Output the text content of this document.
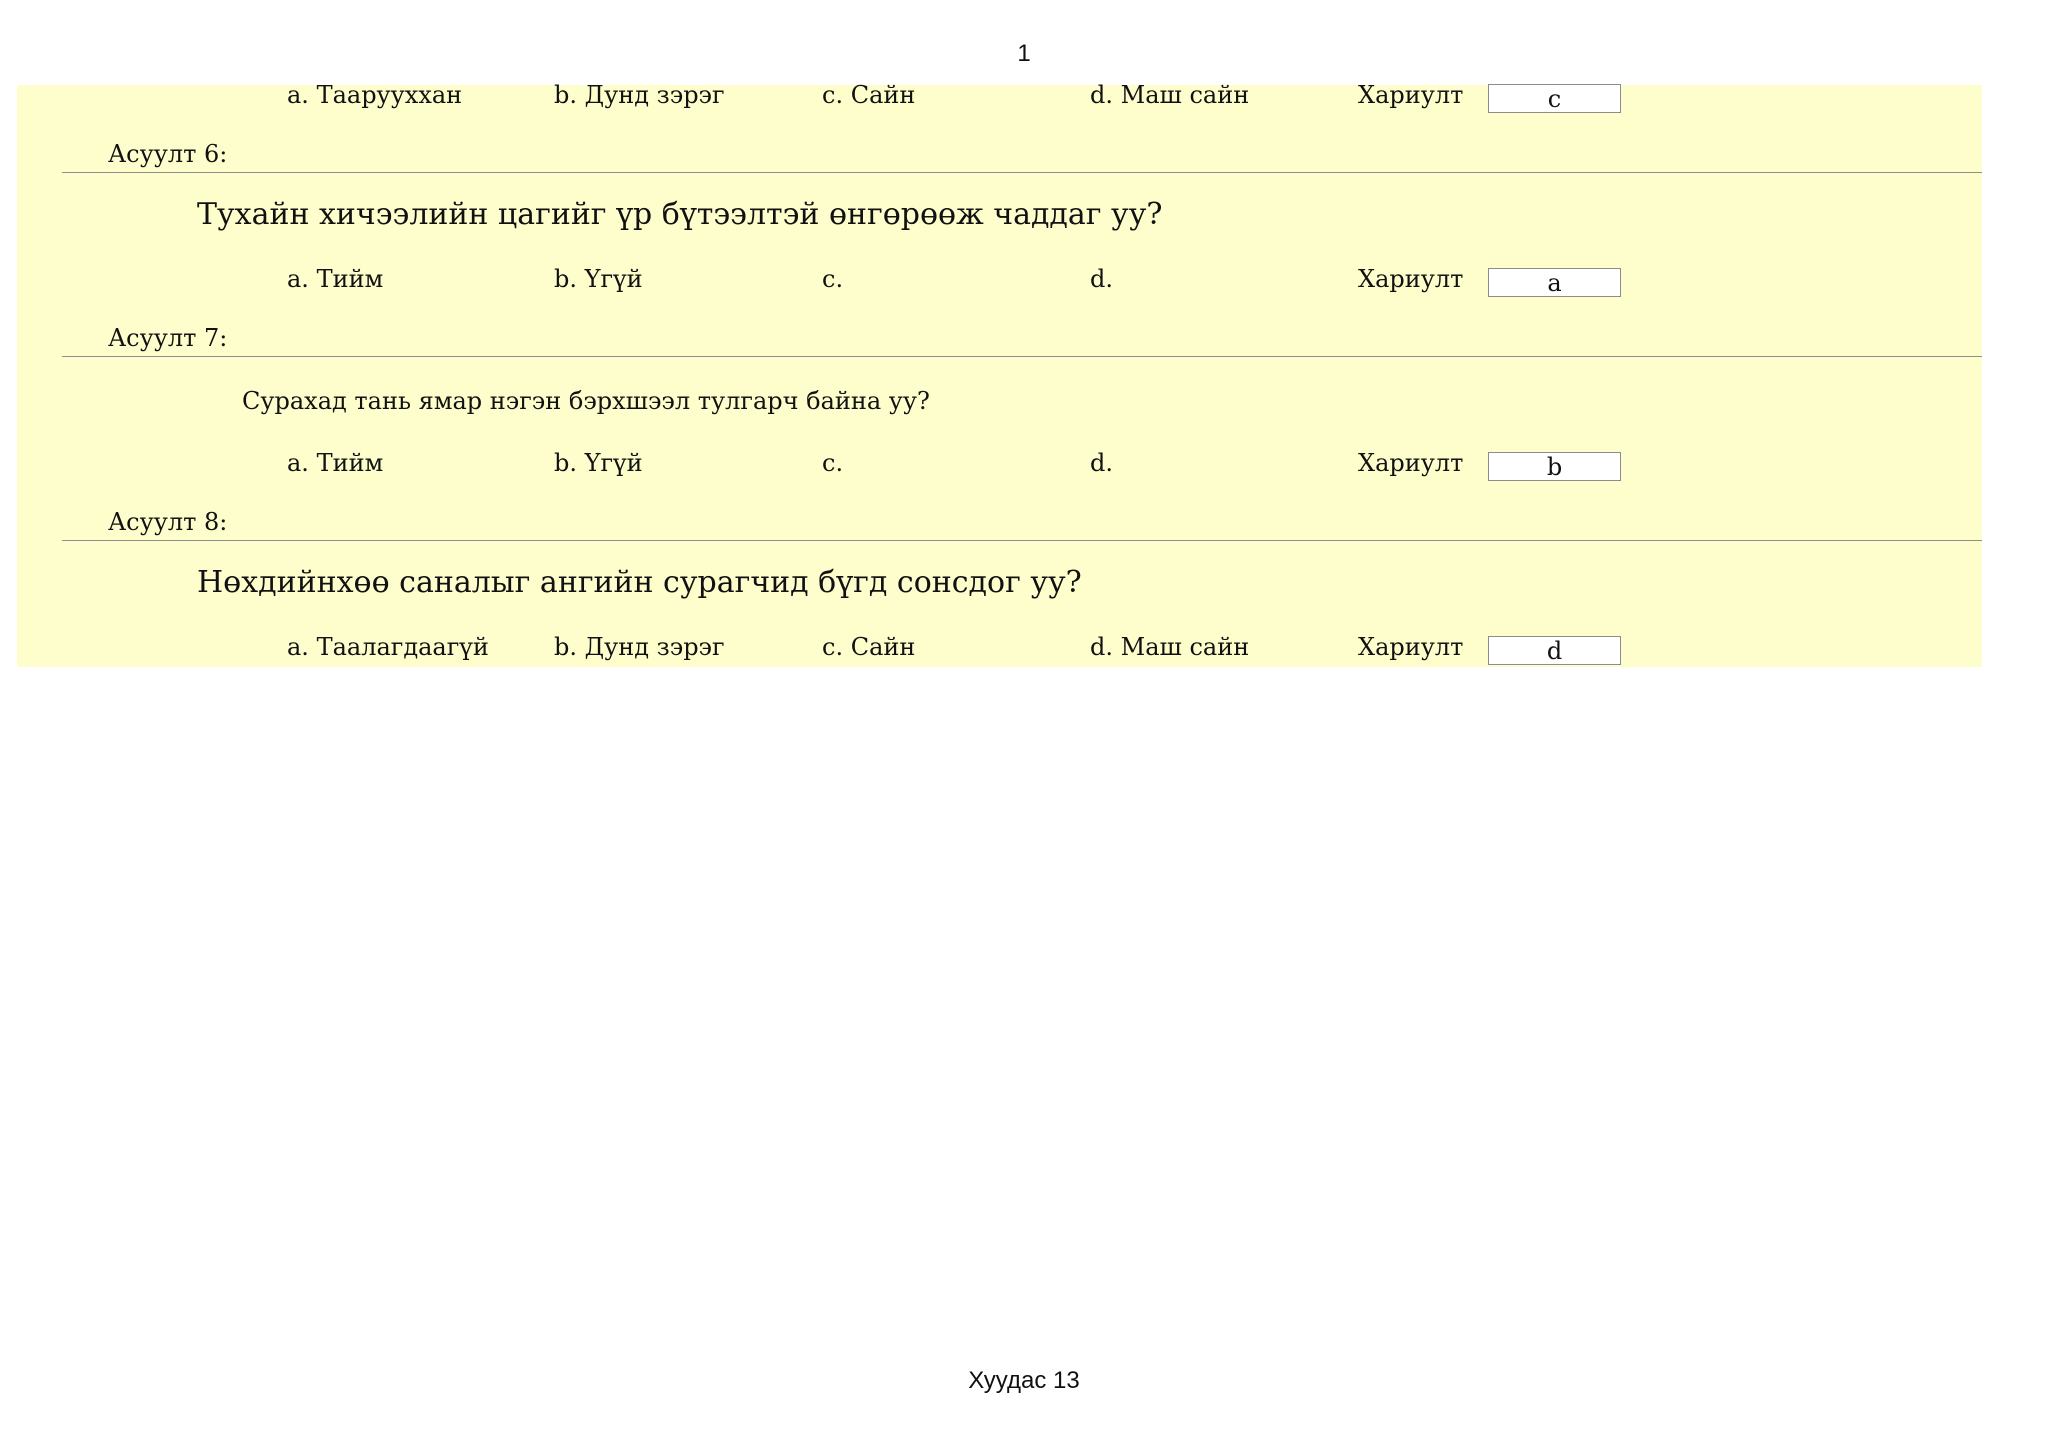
1
a. Таарууххан	b. Дунд зэрэг	c. Сайн	d. Маш сайн	Хариулт	c
Асуулт 6:
Тухайн хичээлийн цагийг үр бүтээлтэй өнгөрөөж чаддаг уу?
a. Тийм	b. Үгүй	c.	d.	Хариулт	a
Асуулт 7:
Сурахад тань ямар нэгэн бэрхшээл тулгарч байна уу?
a. Тийм	b. Үгүй	c.	d.	Хариулт	b
Асуулт 8:
Нөхдийнхөө саналыг ангийн сурагчид бүгд сонсдог уу?
a. Таалагдаагүй	b. Дунд зэрэг	c. Сайн	d. Маш сайн	Хариулт	d
Хуудас 13
